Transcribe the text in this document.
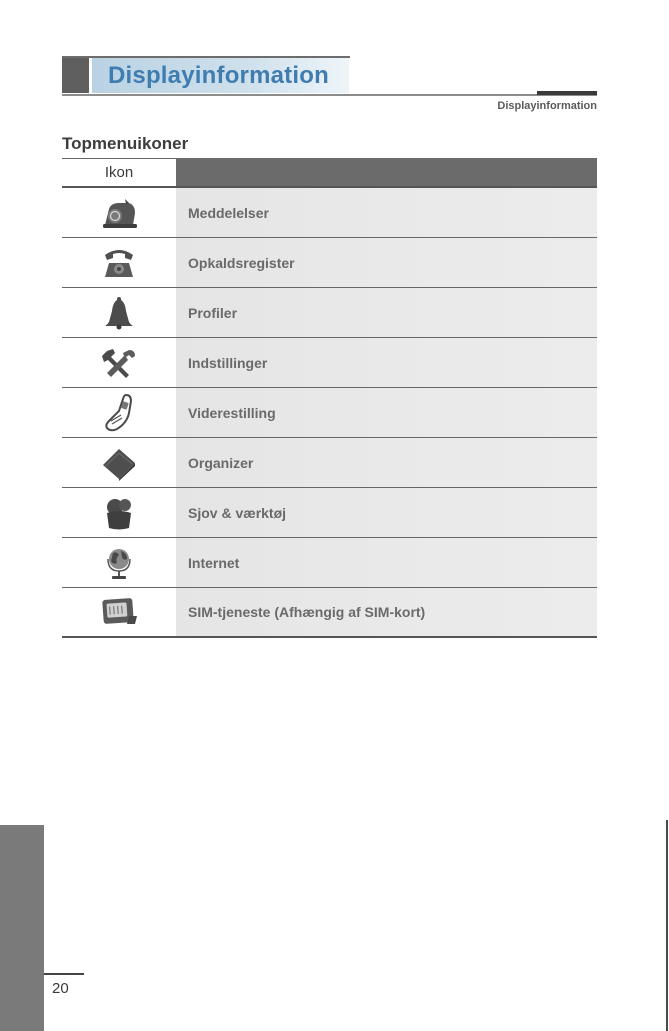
Displayinformation
Displayinformation
Topmenuikoner
Ikon
Meddelelser
Opkaldsregister
Profiler
Indstillinger
Viderestilling
Organizer
Sjov & værktøj
Internet
SIM-tjeneste (Afhængig af SIM-kort)
20
